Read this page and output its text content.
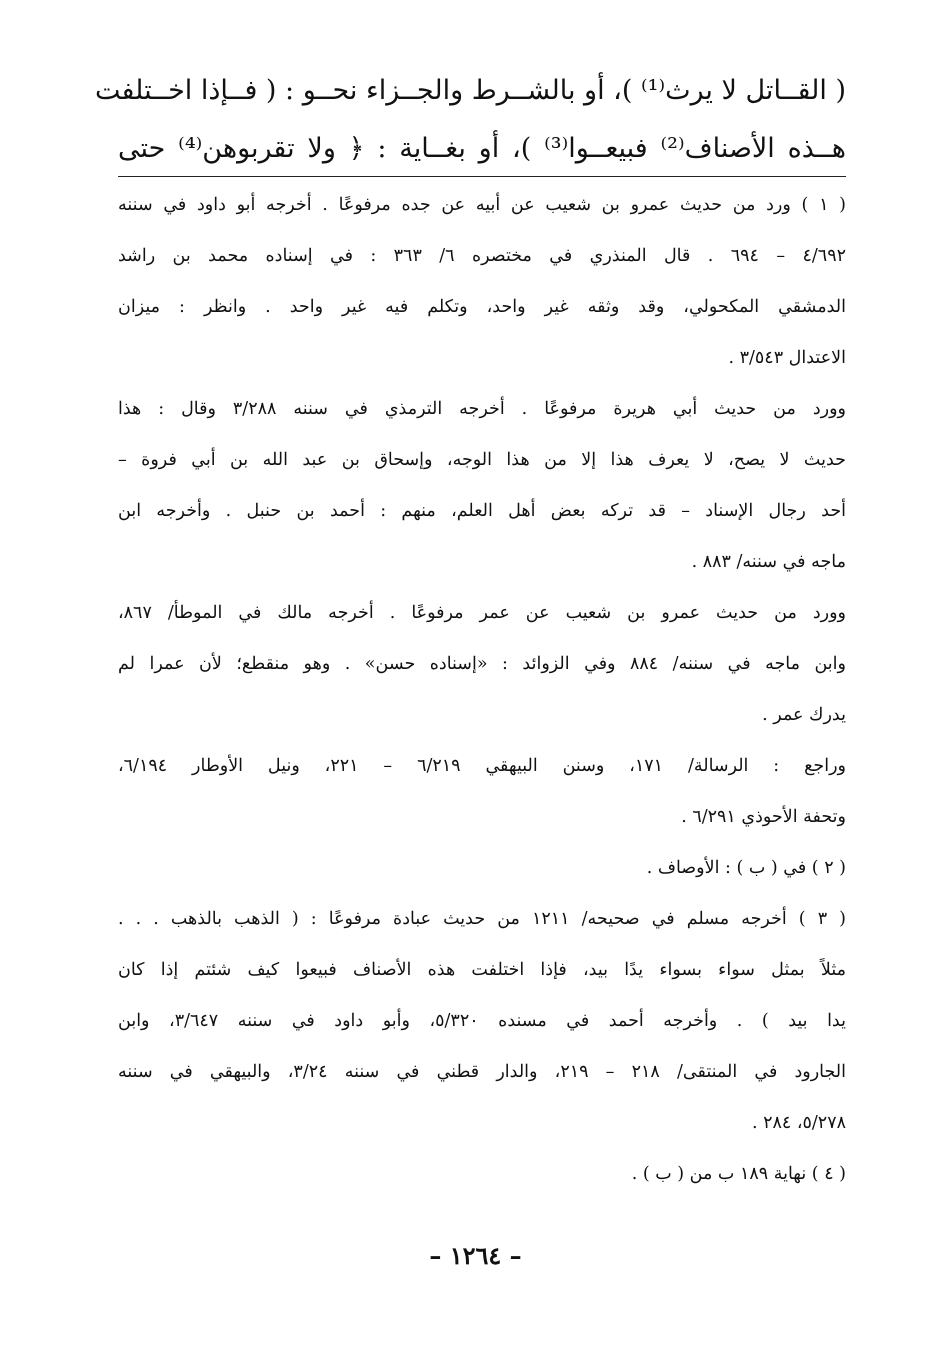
( القــاتل لا يرث⁽¹⁾ )، أو بالشــرط والجــزاء نحــو : ( فــإذا اخــتلفت
هــذه الأصناف⁽²⁾ فبيعــوا⁽³⁾ )، أو بغــاية : ﴿ ولا تقربوهن⁽⁴⁾ حتى
( ١ ) ورد من حديث عمرو بن شعيب عن أبيه عن جده مرفوعًا . أخرجه أبو داود في سننه
٤/٦٩٢ – ٦٩٤ . قال المنذري في مختصره ٦/ ٣٦٣ : في إسناده محمد بن راشد
الدمشقي المكحولي، وقد وثقه غير واحد، وتكلم فيه غير واحد . وانظر : ميزان
الاعتدال ٣/٥٤٣ .
وورد من حديث أبي هريرة مرفوعًا . أخرجه الترمذي في سننه ٣/٢٨٨ وقال : هذا
حديث لا يصح، لا يعرف هذا إلا من هذا الوجه، وإسحاق بن عبد الله بن أبي فروة –
أحد رجال الإسناد – قد تركه بعض أهل العلم، منهم : أحمد بن حنبل . وأخرجه ابن
ماجه في سننه/ ٨٨٣ .
وورد من حديث عمرو بن شعيب عن عمر مرفوعًا . أخرجه مالك في الموطأ/ ٨٦٧،
وابن ماجه في سننه/ ٨٨٤ وفي الزوائد : «إسناده حسن» . وهو منقطع؛ لأن عمرا لم
يدرك عمر .
وراجع : الرسالة/ ١٧١، وسنن البيهقي ٦/٢١٩ – ٢٢١، ونيل الأوطار ٦/١٩٤،
وتحفة الأحوذي ٦/٢٩١ .
( ٢ ) في ( ب ) : الأوصاف .
( ٣ ) أخرجه مسلم في صحيحه/ ١٢١١ من حديث عبادة مرفوعًا : ( الذهب بالذهب . . .
مثلاً بمثل سواء بسواء يدًا بيد، فإذا اختلفت هذه الأصناف فبيعوا كيف شئتم إذا كان
يدا بيد ) . وأخرجه أحمد في مسنده ٥/٣٢٠، وأبو داود في سننه ٣/٦٤٧، وابن
الجارود في المنتقى/ ٢١٨ – ٢١٩، والدار قطني في سننه ٣/٢٤، والبيهقي في سننه
٥/٢٧٨، ٢٨٤ .
( ٤ ) نهاية ١٨٩ ب من ( ب ) .
– ١٢٦٤ –
